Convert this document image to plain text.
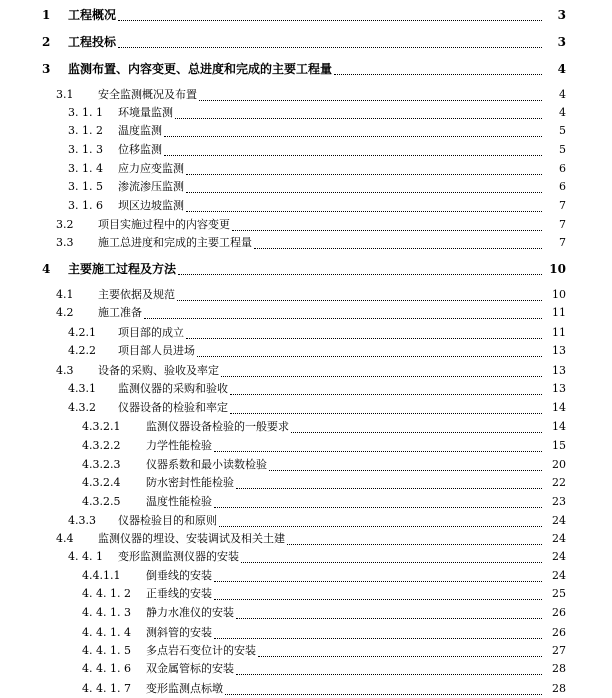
1 工程概况	3
2 工程投标	3
3 监测布置、内容变更、总进度和完成的主要工程量	4
3.1 安全监测概况及布置	4
3. 1. 1 环境量监测	4
3. 1. 2 温度监测	5
3. 1. 3 位移监测	5
3. 1. 4 应力应变监测	6
3. 1. 5 渗流渗压监测	6
3. 1. 6 坝区边坡监测	7
3.2 项目实施过程中的内容变更	7
3.3 施工总进度和完成的主要工程量	7
4 主要施工过程及方法	10
4.1 主要依据及规范	10
4.2 施工准备	11
4.2.1 项目部的成立	11
4.2.2 项目部人员进场	13
4.3 设备的采购、验收及率定	13
4.3.1 监测仪器的采购和验收	13
4.3.2 仪器设备的检验和率定	14
4.3.2.1 监测仪器设备检验的一般要求	14
4.3.2.2 力学性能检验	15
4.3.2.3 仪器系数和最小读数检验	20
4.3.2.4 防水密封性能检验	22
4.3.2.5 温度性能检验	23
4.3.3 仪器检验目的和原则	24
4.4 监测仪器的埋设、安装调试及相关土建	24
4. 4. 1 变形监测监测仪器的安装	24
4.4.1.1 倒垂线的安装	24
4. 4. 1. 2 正垂线的安装	25
4. 4. 1. 3 静力水准仪的安装	26
4. 4. 1. 4 测斜管的安装	26
4. 4. 1. 5 多点岩石变位计的安装	27
4. 4. 1. 6 双金属管标的安装	28
4. 4. 1. 7 变形监测点标墩	28
